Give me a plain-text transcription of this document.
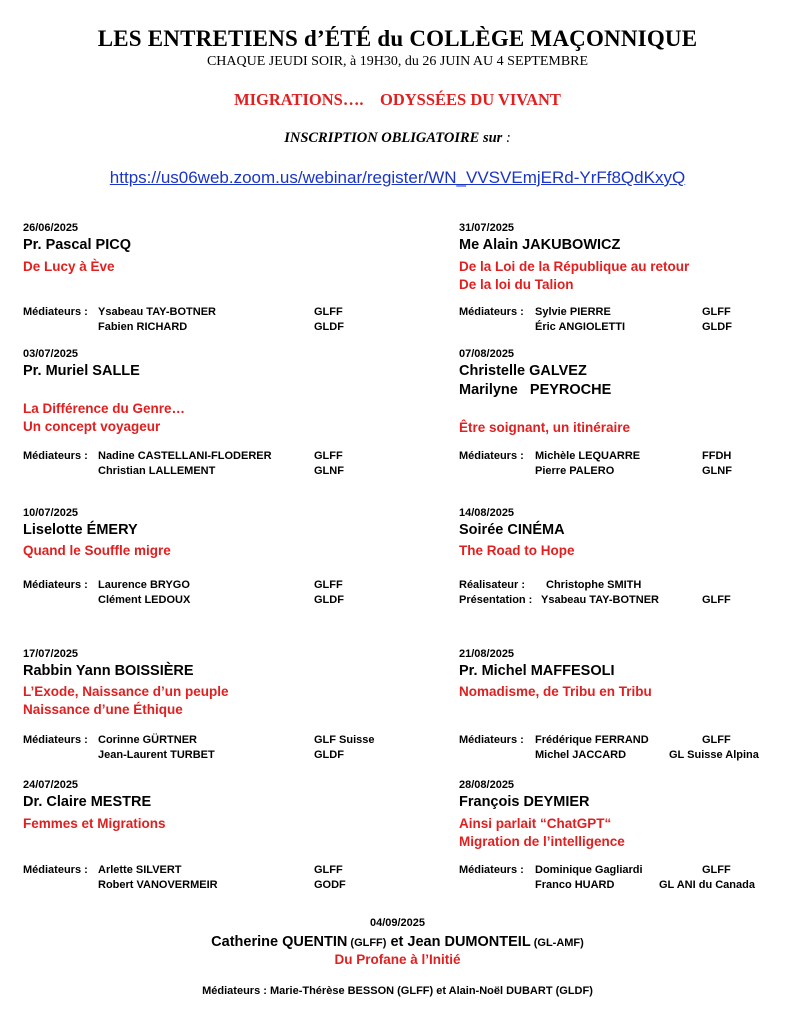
LES ENTRETIENS d’ÉTÉ du COLLÈGE MAÇONNIQUE
CHAQUE JEUDI SOIR, à 19H30, du 26 JUIN AU 4 SEPTEMBRE
MIGRATIONS…. ODYSSÉES DU VIVANT
INSCRIPTION OBLIGATOIRE sur :
https://us06web.zoom.us/webinar/register/WN_VVSVEmjERd-YrFf8QdKxyQ
26/06/2025
Pr. Pascal PICQ
De Lucy à Ève
Médiateurs : Ysabeau TAY-BOTNER	GLFF
Fabien RICHARD	GLDF
03/07/2025
Pr. Muriel SALLE
La Différence du Genre…
Un concept voyageur
Médiateurs : Nadine CASTELLANI-FLODERER	GLFF
Christian LALLEMENT	GLNF
10/07/2025
Liselotte ÉMERY
Quand le Souffle migre
Médiateurs : Laurence BRYGO	GLFF
Clément LEDOUX	GLDF
17/07/2025
Rabbin Yann BOISSIÈRE
L’Exode, Naissance d’un peuple
Naissance d’une Éthique
Médiateurs : Corinne GÜRTNER	GLF Suisse
Jean-Laurent TURBET	GLDF
24/07/2025
Dr. Claire MESTRE
Femmes et Migrations
Médiateurs : Arlette SILVERT	GLFF
Robert VANOVERMEIR	GODF
31/07/2025
Me Alain JAKUBOWICZ
De la Loi de la République au retour
De la loi du Talion
Médiateurs : Sylvie PIERRE	GLFF
Éric ANGIOLETTI	GLDF
07/08/2025
Christelle GALVEZ
Marilyne   PEYROCHE
Être soignant, un itinéraire
Médiateurs : Michèle LEQUARRE	FFDH
Pierre PALERO	GLNF
14/08/2025
Soirée CINÉMA
The Road to Hope
Réalisateur : Christophe SMITH
Présentation : Ysabeau TAY-BOTNER	GLFF
21/08/2025
Pr. Michel MAFFESOLI
Nomadisme, de Tribu en Tribu
Médiateurs : Frédérique FERRAND	GLFF
Michel JACCARD	GL Suisse Alpina
28/08/2025
François DEYMIER
Ainsi parlait “ChatGPT“
Migration de l’intelligence
Médiateurs : Dominique Gagliardi	GLFF
Franco HUARD	GL ANI du Canada
04/09/2025
Catherine QUENTIN (GLFF) et Jean DUMONTEIL (GL-AMF)
Du Profane à l’Initié
Médiateurs : Marie-Thérèse BESSON (GLFF) et Alain-Noël DUBART (GLDF)
